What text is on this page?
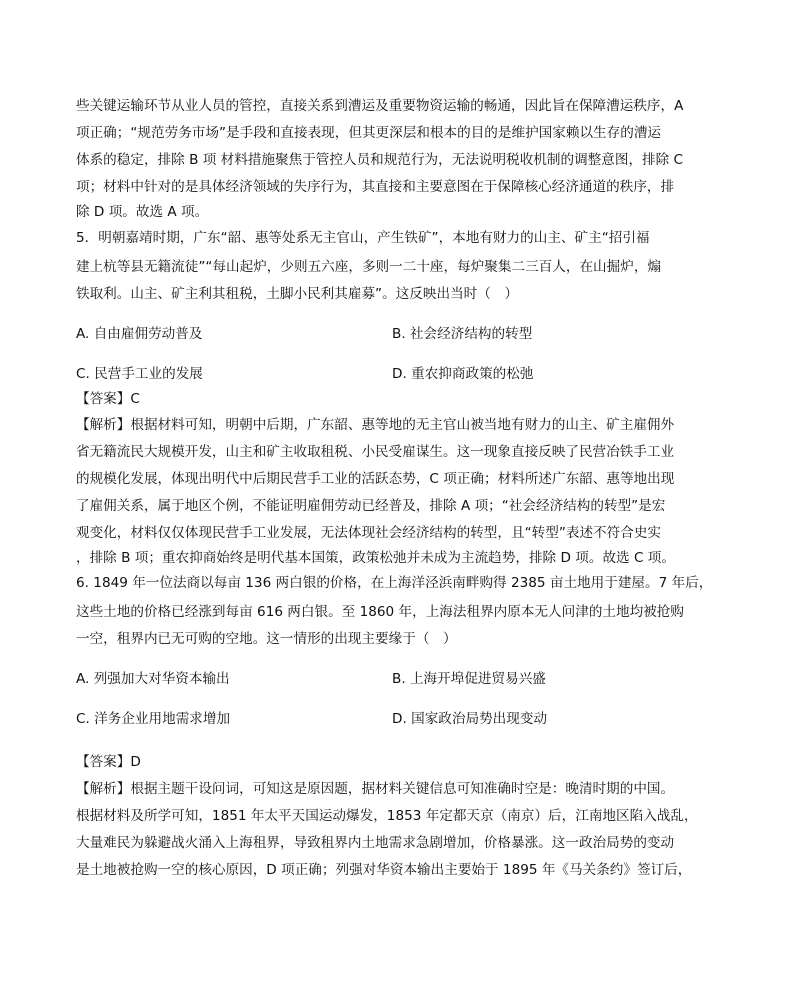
些关键运输环节从业人员的管控，直接关系到漕运及重要物资运输的畅通，因此旨在保障漕运秩序，A

项正确；“规范劳务市场”是手段和直接表现，但其更深层和根本的目的是维护国家赖以生存的漕运

体系的稳定，排除 B 项 材料措施聚焦于管控人员和规范行为，无法说明税收机制的调整意图，排除 C

项；材料中针对的是具体经济领域的失序行为，其直接和主要意图在于保障核心经济通道的秩序，排

除 D 项。故选 A 项。

5．明朝嘉靖时期，广东“韶、惠等处系无主官山，产生铁矿”，本地有财力的山主、矿主“招引福

建上杭等县无籍流徒”“每山起炉，少则五六座，多则一二十座，每炉聚集二三百人，在山掘炉，煽

铁取利。山主、矿主利其租税，土脚小民利其雇募”。这反映出当时（　）

A. 自由雇佣劳动普及	B. 社会经济结构的转型
C. 民营手工业的发展	D. 重农抑商政策的松弛

【答案】C

【解析】根据材料可知，明朝中后期，广东韶、惠等地的无主官山被当地有财力的山主、矿主雇佣外

省无籍流民大规模开发，山主和矿主收取租税、小民受雇谋生。这一现象直接反映了民营冶铁手工业

的规模化发展，体现出明代中后期民营手工业的活跃态势，C 项正确；材料所述广东韶、惠等地出现

了雇佣关系，属于地区个例，不能证明雇佣劳动已经普及，排除 A 项；“社会经济结构的转型”是宏

观变化，材料仅仅体现民营手工业发展，无法体现社会经济结构的转型，且“转型”表述不符合史实

，排除 B 项；重农抑商始终是明代基本国策，政策松弛并未成为主流趋势，排除 D 项。故选 C 项。

6. 1849 年一位法商以每亩 136 两白银的价格，在上海洋泾浜南畔购得 2385 亩土地用于建屋。7 年后，

这些土地的价格已经涨到每亩 616 两白银。至 1860 年，上海法租界内原本无人问津的土地均被抢购

一空，租界内已无可购的空地。这一情形的出现主要缘于（　）

A. 列强加大对华资本输出	B. 上海开埠促进贸易兴盛
C. 洋务企业用地需求增加	D. 国家政治局势出现变动

【答案】D

【解析】根据主题干设问词，可知这是原因题，据材料关键信息可知准确时空是：晚清时期的中国。

根据材料及所学可知，1851 年太平天国运动爆发，1853 年定都天京（南京）后，江南地区陷入战乱，

大量难民为躲避战火涌入上海租界，导致租界内土地需求急剧增加，价格暴涨。这一政治局势的变动

是土地被抢购一空的核心原因，D 项正确；列强对华资本输出主要始于 1895 年《马关条约》签订后，
